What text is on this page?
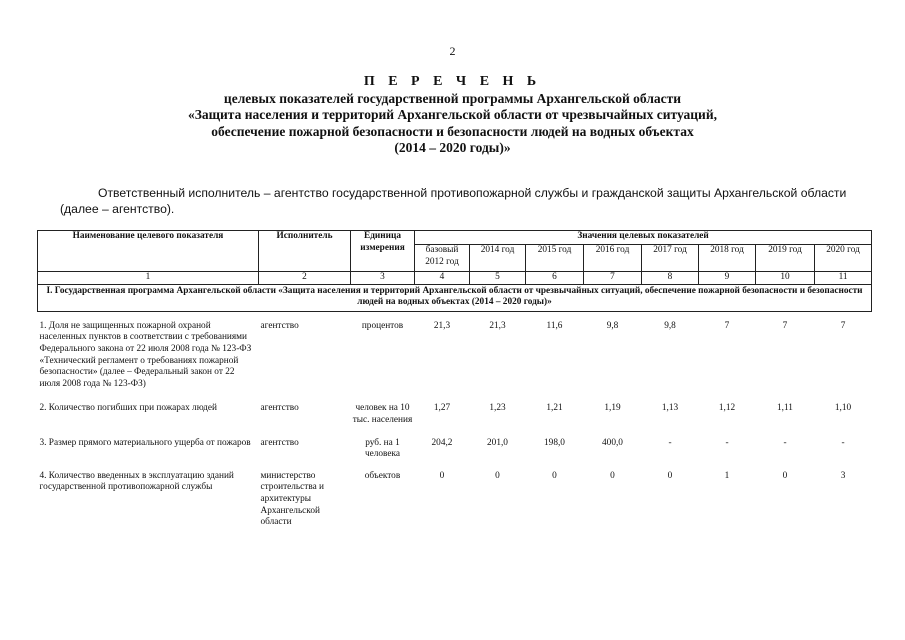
2
П Е Р Е Ч Е Н Ь
целевых показателей государственной программы Архангельской области
«Защита населения и территорий Архангельской области от чрезвычайных ситуаций,
обеспечение пожарной безопасности и безопасности людей на водных объектах
(2014 – 2020 годы)»
Ответственный исполнитель – агентство государственной противопожарной службы и гражданской защиты Архангельской области (далее – агентство).
Наименование целевого показателя	Исполнитель	Единица измерения	Значения целевых показателей							
			базовый 2012 год	2014 год	2015 год	2016 год	2017 год	2018 год	2019 год	2020 год
1	2	3	4	5	6	7	8	9	10	11
I. Государственная программа Архангельской области «Защита населения и территорий Архангельской области от чрезвычайных ситуаций, обеспечение пожарной безопасности и безопасности людей на водных объектах (2014 – 2020 годы)»										

1. Доля не защищенных пожарной охраной населенных пунктов в соответствии с требованиями Федерального закона от 22 июля 2008 года № 123-ФЗ «Технический регламент о требованиях пожарной безопасности» (далее – Федеральный закон от 22 июля 2008 года № 123-ФЗ)	агентство	процентов	21,3	21,3	11,6	9,8	9,8	7	7	7

2. Количество погибших при пожарах людей	агентство	человек на 10 тыс. населения	1,27	1,23	1,21	1,19	1,13	1,12	1,11	1,10

3. Размер прямого материального ущерба от пожаров	агентство	руб. на 1 человека	204,2	201,0	198,0	400,0	-	-	-	-

4. Количество введенных в эксплуатацию зданий государственной противопожарной службы	министерство строительства и архитектуры Архангельской области	объектов	0	0	0	0	0	1	0	3
